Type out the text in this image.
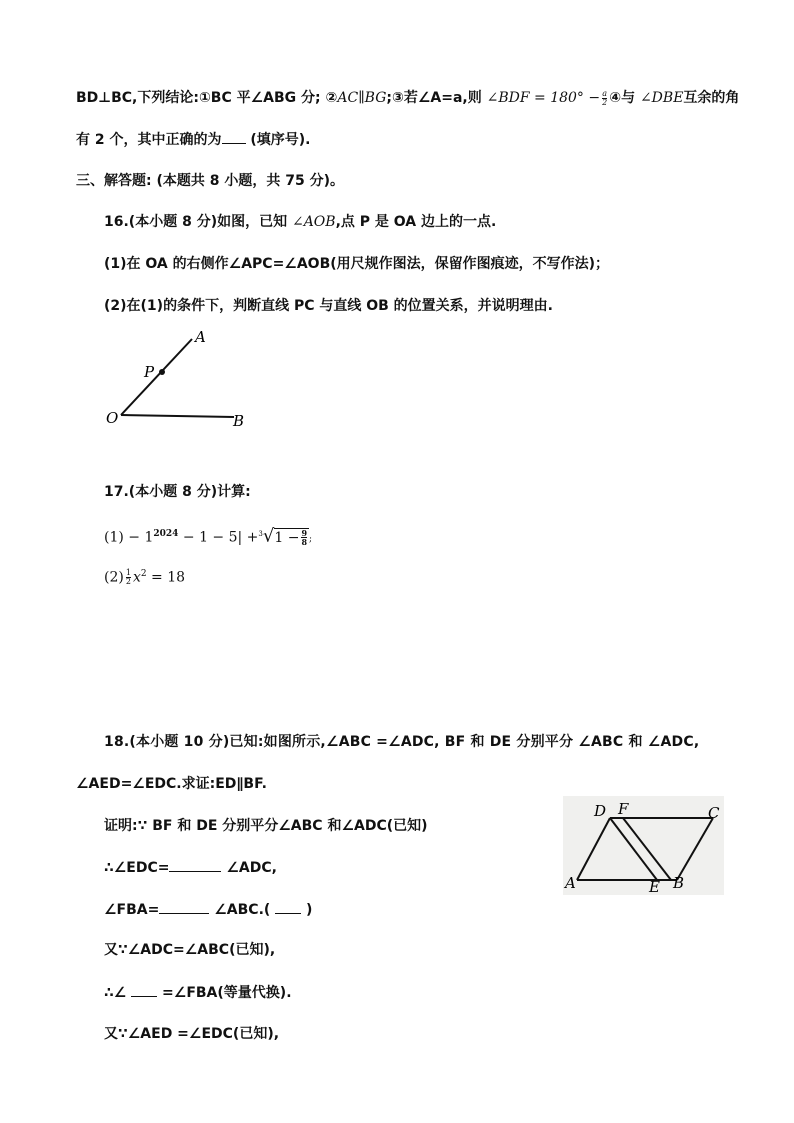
BD⊥BC,下列结论:①BC 平∠ABG 分; ②AC∥BG;③若∠A=a,则 ∠BDF = $180^\circ - \frac{a}{2}$ ④与 ∠DBE互余的角
有 2 个，其中正确的为 (填序号).
三、解答题: (本题共 8 小题，共 75 分)。
16.(本小题 8 分)如图，已知 ∠AOB,点 P 是 OA 边上的一点.
(1)在 OA 的右侧作∠APC=∠AOB(用尺规作图法，保留作图痕迹，不写作法)；
(2)在(1)的条件下，判断直线 PC 与直线 OB 的位置关系，并说明理由.
A
P
O	B
17.(本小题 8 分)计算:
$(1) - 1^{2024} - 1 - 5| +^3√1 - \frac{9}{8}$ ;
$(2) \frac{1}{2} x^2 = 18$
18.(本小题 10 分)已知:如图所示,∠ABC =∠ADC, BF 和 DE 分别平分 ∠ABC 和 ∠ADC,
∠AED=∠EDC.求证:ED∥BF.
D F	C
A	E B
证明:∵ BF 和 DE 分别平分∠ABC 和∠ADC(已知)
∴∠EDC=	∠ADC,
∠FBA=	∠ABC.(  )
又∵∠ADC=∠ABC(已知),
∴∠  =∠FBA(等量代换).
又∵∠AED =∠EDC(已知),
